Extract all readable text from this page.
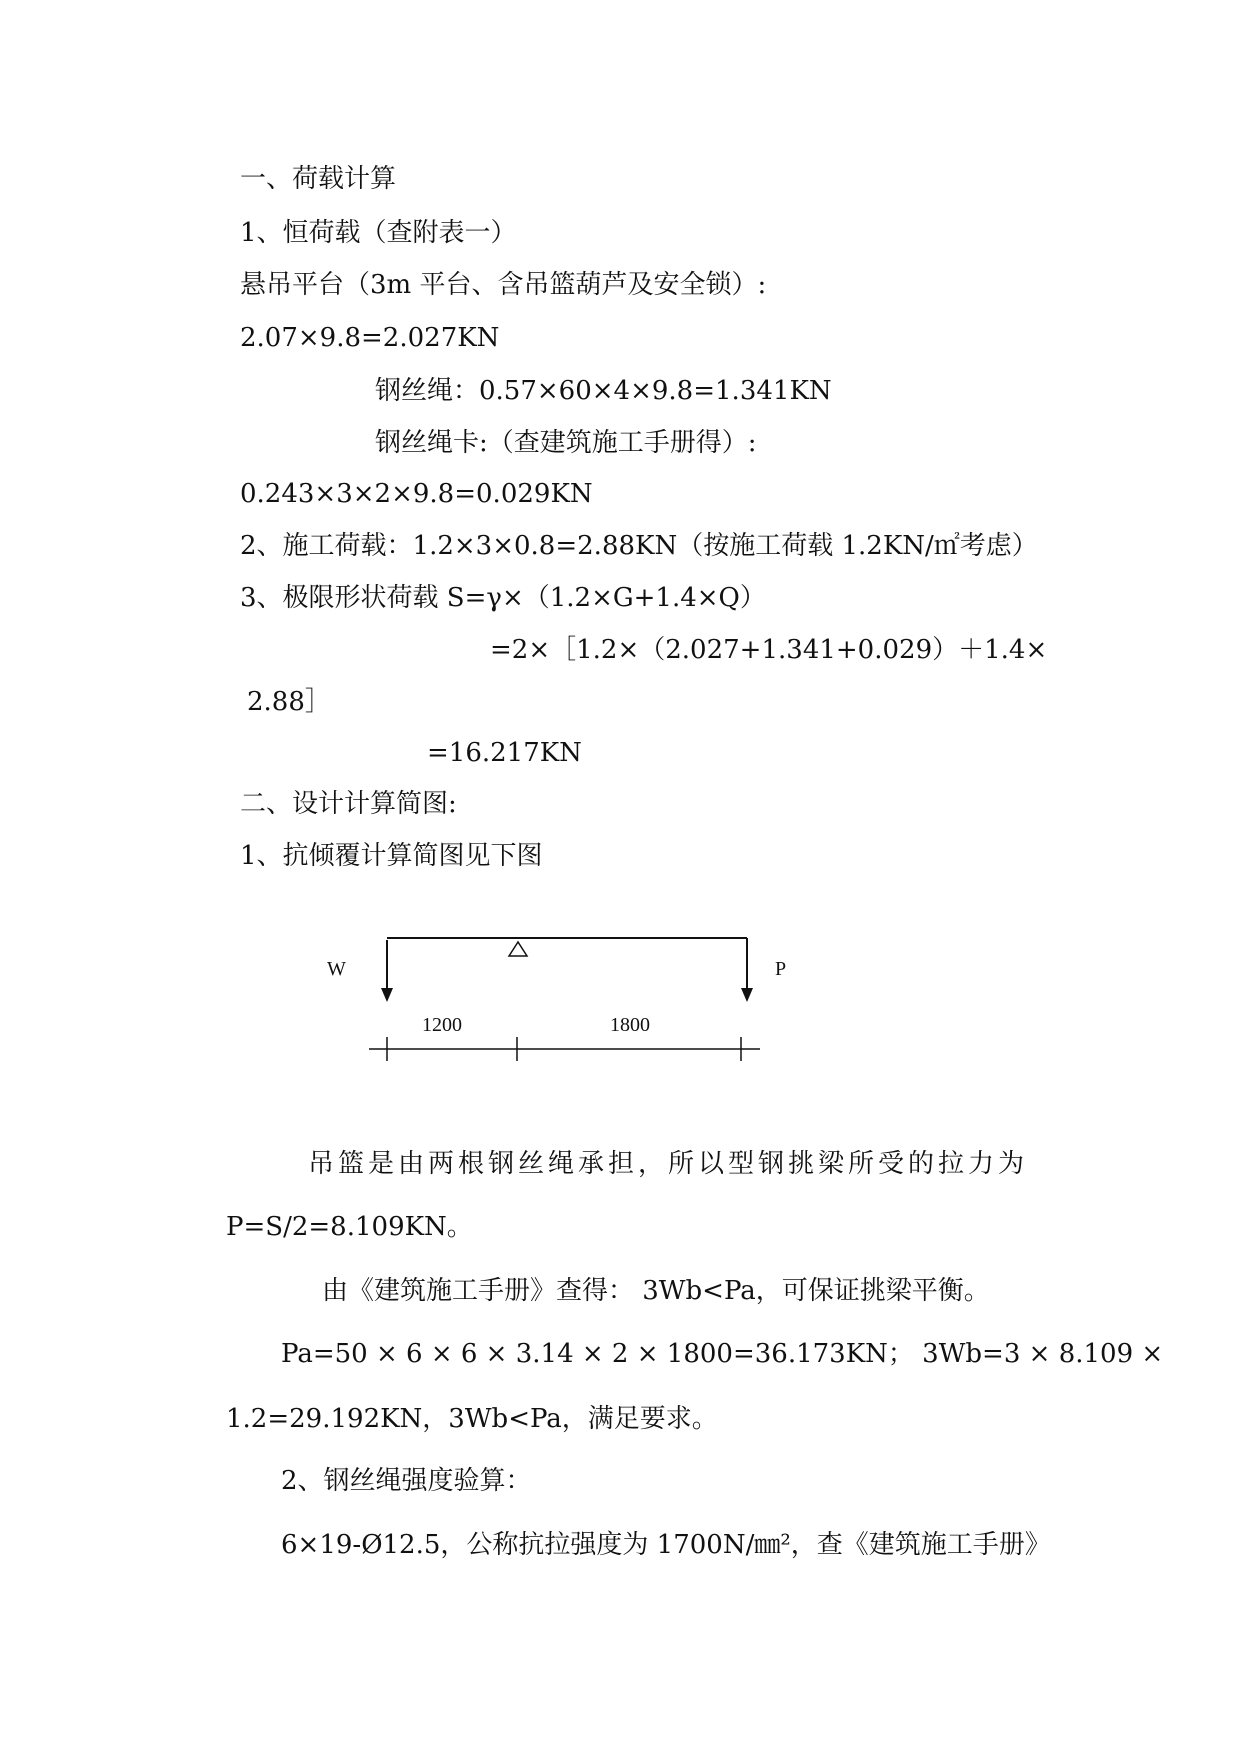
一、荷载计算
1、恒荷载（查附表一）
悬吊平台（3m 平台、含吊篮葫芦及安全锁）:
2.07×9.8=2.027KN
钢丝绳：0.57×60×4×9.8=1.341KN
钢丝绳卡:（查建筑施工手册得）:
0.243×3×2×9.8=0.029KN
2、施工荷载：1.2×3×0.8=2.88KN（按施工荷载 1.2KN/㎡考虑）
3、极限形状荷载 S=γ×（1.2×G+1.4×Q）
=2×［1.2×（2.027+1.341+0.029）＋1.4×
2.88］
=16.217KN
二、设计计算简图:
1、抗倾覆计算简图见下图
W	P
1200	1800
吊篮是由两根钢丝绳承担，所以型钢挑梁所受的拉力为
P=S/2=8.109KN。
由《建筑施工手册》查得： 3Wb<Pa，可保证挑梁平衡。
Pa=50 × 6 × 6 × 3.14 × 2 × 1800=36.173KN； 3Wb=3 × 8.109 ×
1.2=29.192KN，3Wb<Pa，满足要求。
2、钢丝绳强度验算：
6×19-Ø12.5，公称抗拉强度为 1700N/㎜²，查《建筑施工手册》
